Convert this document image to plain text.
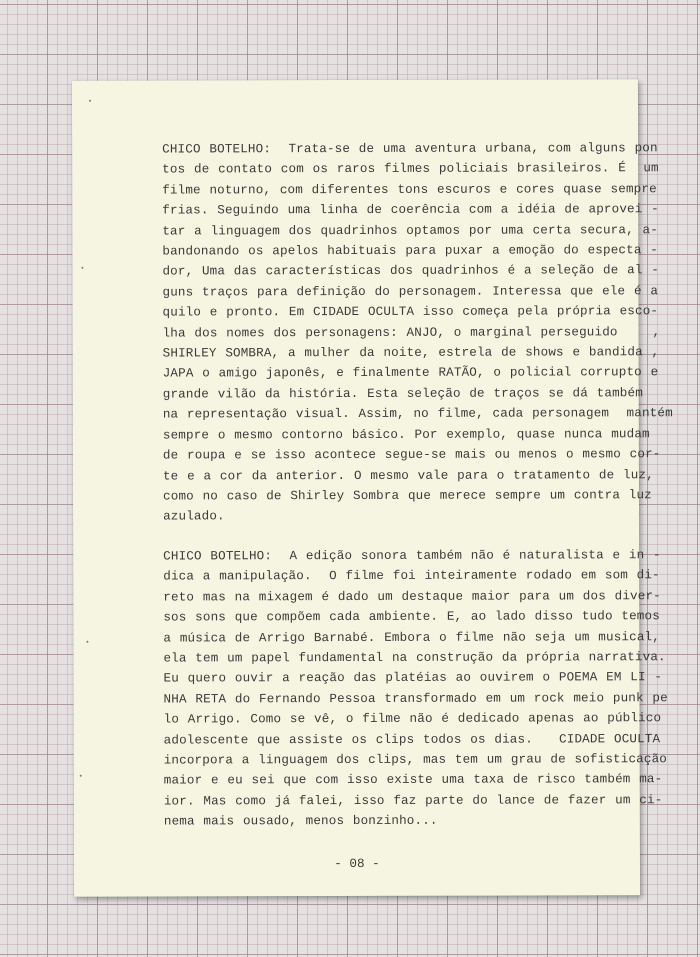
CHICO BOTELHO:  Trata-se de uma aventura urbana, com alguns pon
tos de contato com os raros filmes policiais brasileiros. É  um
filme noturno, com diferentes tons escuros e cores quase sempre
frias. Seguindo uma linha de coerência com a idéia de aprovei -
tar a linguagem dos quadrinhos optamos por uma certa secura, a-
bandonando os apelos habituais para puxar a emoção do especta -
dor, Uma das características dos quadrinhos é a seleção de al -
guns traços para definição do personagem. Interessa que ele é a
quilo e pronto. Em CIDADE OCULTA isso começa pela própria esco-
lha dos nomes dos personagens: ANJO, o marginal perseguido    ,
SHIRLEY SOMBRA, a mulher da noite, estrela de shows e bandida ,
JAPA o amigo japonês, e finalmente RATÃO, o policial corrupto e
grande vilão da história. Esta seleção de traços se dá também
na representação visual. Assim, no filme, cada personagem  mantém
sempre o mesmo contorno básico. Por exemplo, quase nunca mudam
de roupa e se isso acontece segue-se mais ou menos o mesmo cor-
te e a cor da anterior. O mesmo vale para o tratamento de luz,
como no caso de Shirley Sombra que merece sempre um contra luz
azulado.
CHICO BOTELHO:  A edição sonora também não é naturalista e in -
dica a manipulação.  O filme foi inteiramente rodado em som di-
reto mas na mixagem é dado um destaque maior para um dos diver-
sos sons que compõem cada ambiente. E, ao lado disso tudo temos
a música de Arrigo Barnabé. Embora o filme não seja um musical,
ela tem um papel fundamental na construção da própria narrativa.
Eu quero ouvir a reação das platéias ao ouvirem o POEMA EM LI -
NHA RETA do Fernando Pessoa transformado em um rock meio punk pe
lo Arrigo. Como se vê, o filme não é dedicado apenas ao público
adolescente que assiste os clips todos os dias.   CIDADE OCULTA
incorpora a linguagem dos clips, mas tem um grau de sofisticação
maior e eu sei que com isso existe uma taxa de risco também ma-
ior. Mas como já falei, isso faz parte do lance de fazer um ci-
nema mais ousado, menos bonzinho...
- 08 -
